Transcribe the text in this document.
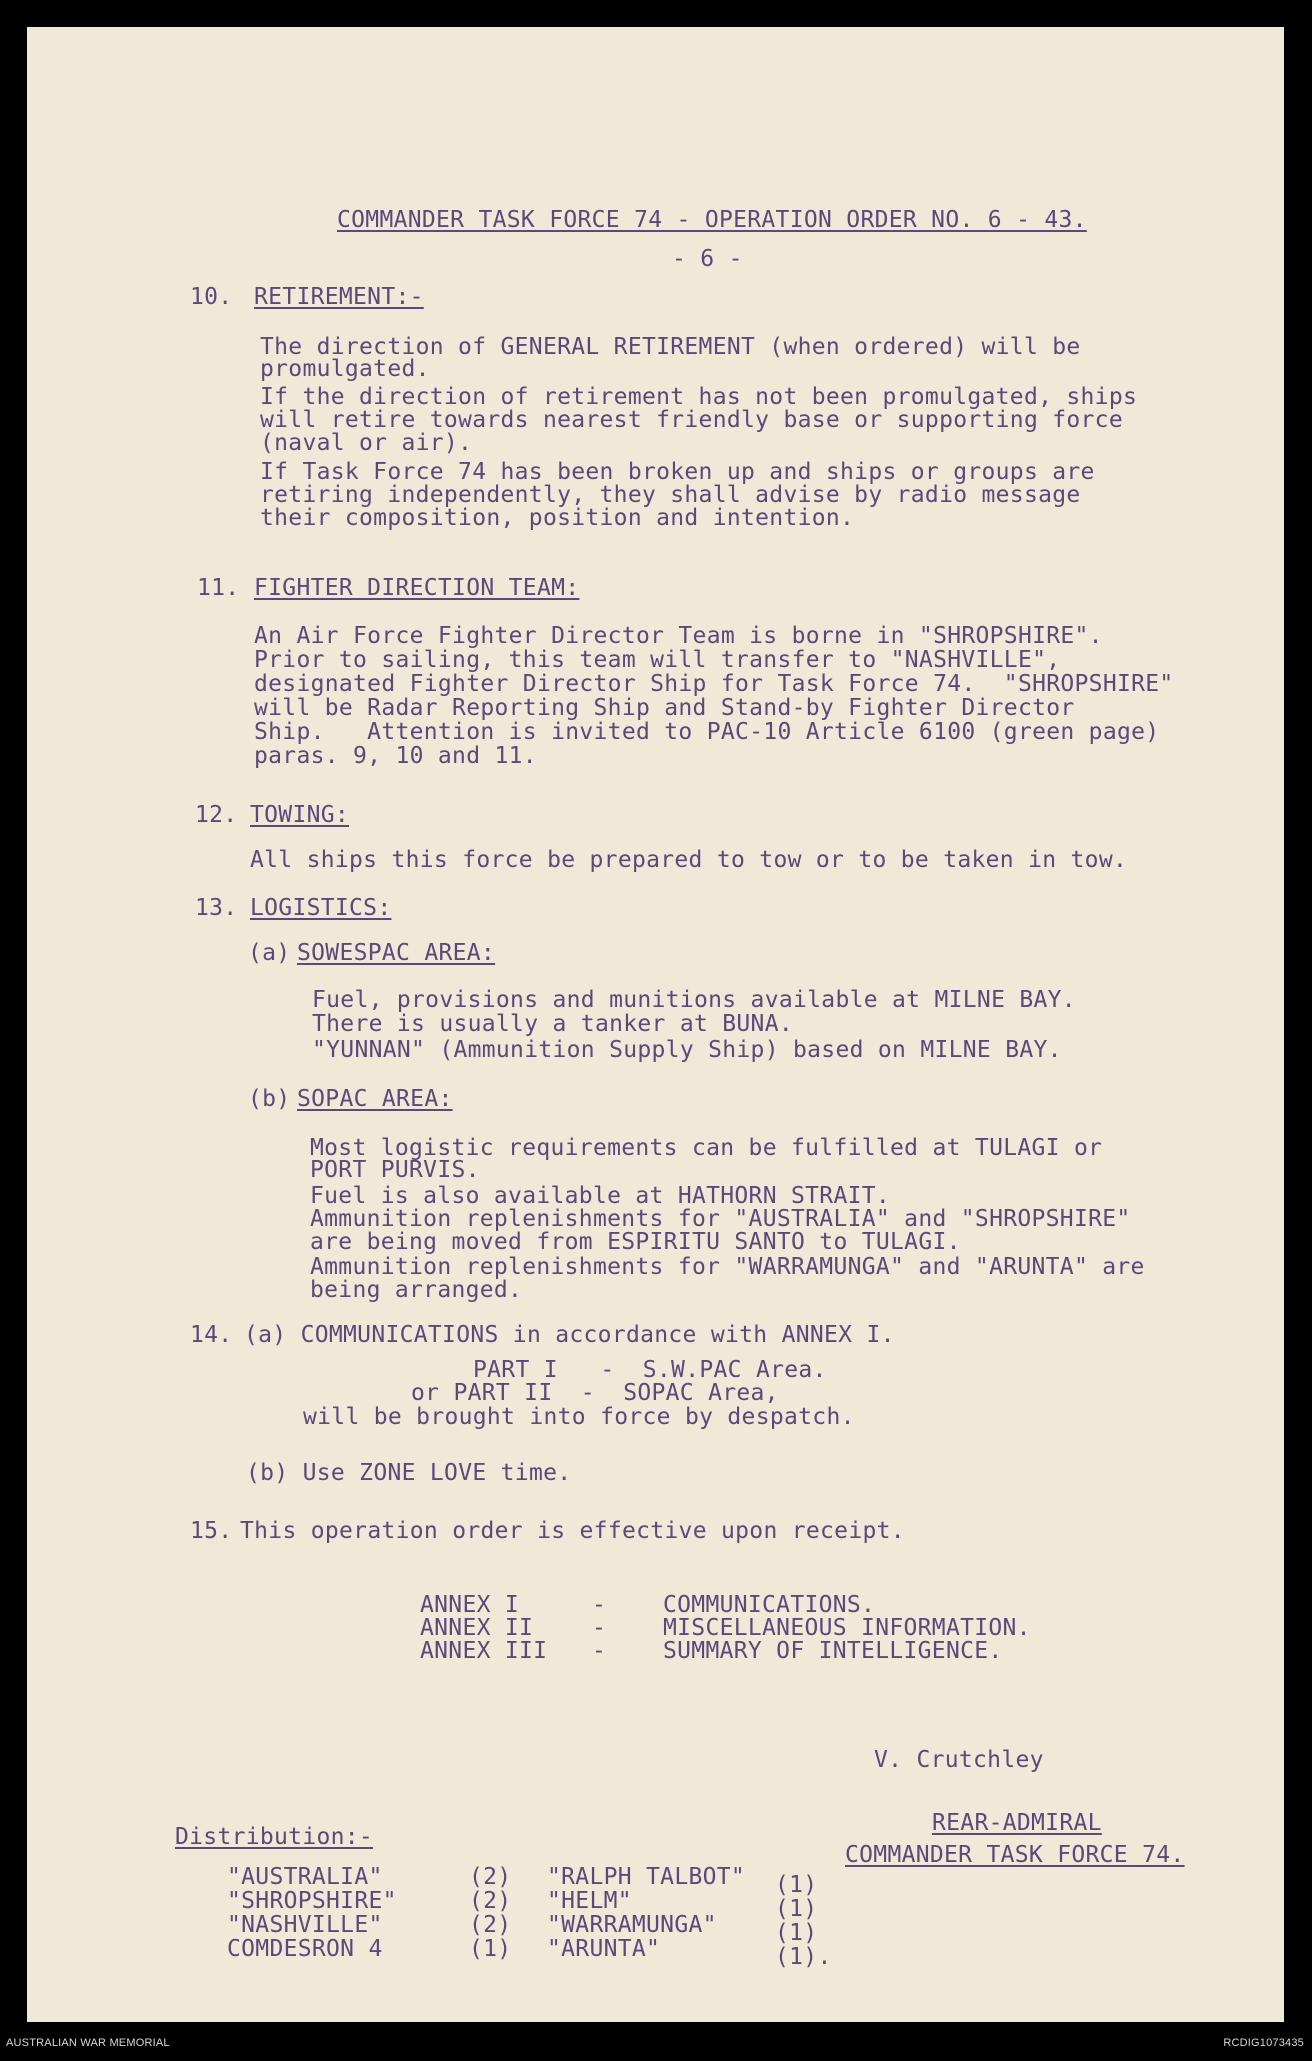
COMMANDER TASK FORCE 74 - OPERATION ORDER NO. 6 - 43.
- 6 -
10. RETIREMENT:-
The direction of GENERAL RETIREMENT (when ordered) will be
promulgated.
If the direction of retirement has not been promulgated, ships
will retire towards nearest friendly base or supporting force
(naval or air).
If Task Force 74 has been broken up and ships or groups are
retiring independently, they shall advise by radio message
their composition, position and intention.
11. FIGHTER DIRECTION TEAM:
An Air Force Fighter Director Team is borne in "SHROPSHIRE".
Prior to sailing, this team will transfer to "NASHVILLE",
designated Fighter Director Ship for Task Force 74.  "SHROPSHIRE"
will be Radar Reporting Ship and Stand-by Fighter Director
Ship.   Attention is invited to PAC-10 Article 6100 (green page)
paras. 9, 10 and 11.
12. TOWING:
All ships this force be prepared to tow or to be taken in tow.
13. LOGISTICS:
(a) SOWESPAC AREA:
Fuel, provisions and munitions available at MILNE BAY.
There is usually a tanker at BUNA.
"YUNNAN" (Ammunition Supply Ship) based on MILNE BAY.
(b) SOPAC AREA:
Most logistic requirements can be fulfilled at TULAGI or
PORT PURVIS.
Fuel is also available at HATHORN STRAIT.
Ammunition replenishments for "AUSTRALIA" and "SHROPSHIRE"
are being moved from ESPIRITU SANTO to TULAGI.
Ammunition replenishments for "WARRAMUNGA" and "ARUNTA" are
being arranged.
14. (a) COMMUNICATIONS in accordance with ANNEX I.
PART I   -  S.W.PAC Area.
or PART II  -  SOPAC Area,
will be brought into force by despatch.
(b) Use ZONE LOVE time.
15. This operation order is effective upon receipt.
ANNEX I	- COMMUNICATIONS.
ANNEX II	- MISCELLANEOUS INFORMATION.
ANNEX III - SUMMARY OF INTELLIGENCE.
V. Crutchley
REAR-ADMIRAL
COMMANDER TASK FORCE 74.
Distribution:-
"AUSTRALIA"	(2) "RALPH TALBOT" (1)
"SHROPSHIRE"	(2) "HELM"	(1)
"NASHVILLE"	(2) "WARRAMUNGA"	(1)
COMDESRON 4	(1) "ARUNTA"	(1).
AUSTRALIAN WAR MEMORIAL	RCDIG1073435
